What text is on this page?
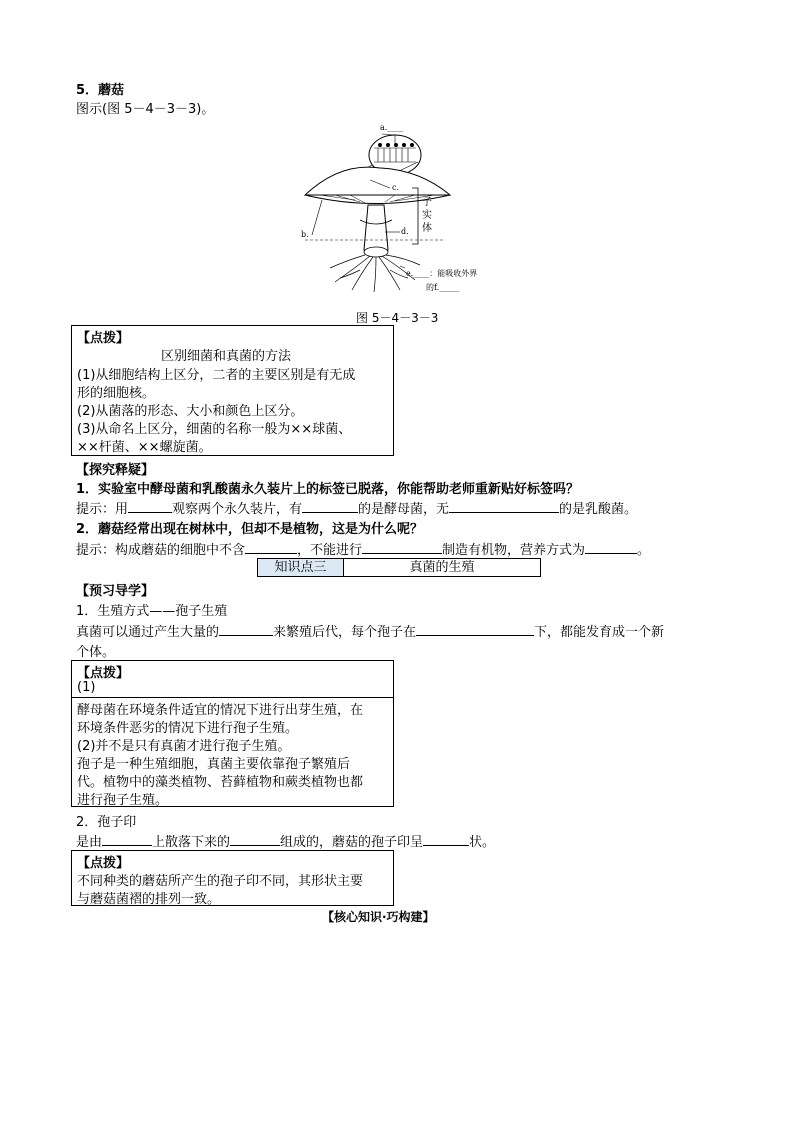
5．蘑菇
图示(图 5－4－3－3)。
a.____
b.
c.
d.
子实体
e.____：能吸收外界
的f._____
图 5－4－3－3
【点拨】
区别细菌和真菌的方法
(1)从细胞结构上区分，二者的主要区别是有无成
形的细胞核。
(2)从菌落的形态、大小和颜色上区分。
(3)从命名上区分，细菌的名称一般为××球菌、
××杆菌、××螺旋菌。
【探究释疑】
1．实验室中酵母菌和乳酸菌永久装片上的标签已脱落，你能帮助老师重新贴好标签吗？
提示：用	观察两个永久装片，有	的是酵母菌，无	的是乳酸菌。
2．蘑菇经常出现在树林中，但却不是植物，这是为什么呢？
提示：构成蘑菇的细胞中不含	，不能进行	制造有机物，营养方式为	。
知识点三	真菌的生殖
【预习导学】
1．生殖方式——孢子生殖
真菌可以通过产生大量的	来繁殖后代，每个孢子在	下，都能发育成一个新
个体。
【点拨】
(1)
酵母菌在环境条件适宜的情况下进行出芽生殖，在
环境条件恶劣的情况下进行孢子生殖。
(2)并不是只有真菌才进行孢子生殖。
孢子是一种生殖细胞，真菌主要依靠孢子繁殖后
代。植物中的藻类植物、苔藓植物和蕨类植物也都
进行孢子生殖。
2．孢子印
是由	上散落下来的	组成的，蘑菇的孢子印呈	状。
【点拨】
不同种类的蘑菇所产生的孢子印不同，其形状主要
与蘑菇菌褶的排列一致。
【核心知识·巧构建】
